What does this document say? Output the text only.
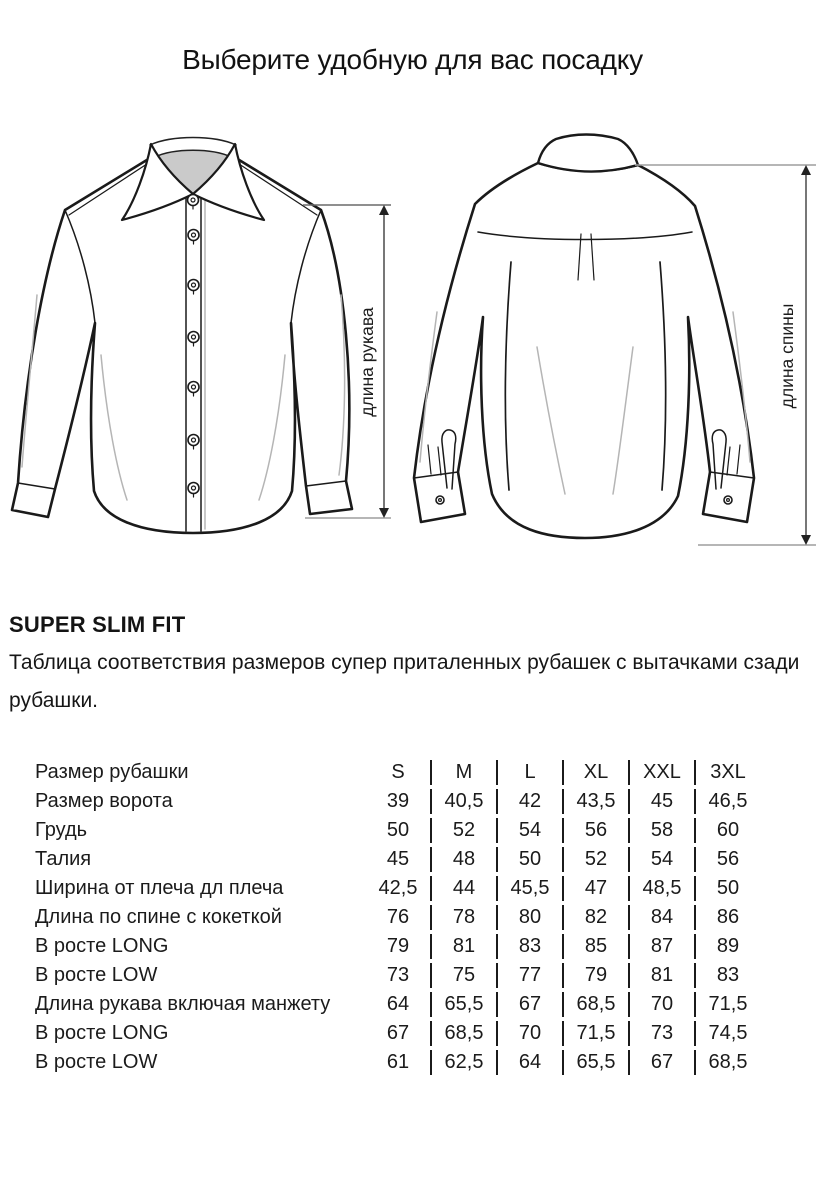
Выберите удобную для вас посадку
длина рукава	длина спины
SUPER SLIM FIT

Таблица соответствия размеров супер приталенных рубашек с вытачками сзади рубашки.

Размер рубашки	S	M	L	XL	XXL	3XL
Размер ворота	39	40,5	42	43,5	45	46,5
Грудь	50	52	54	56	58	60
Талия	45	48	50	52	54	56
Ширина от плеча дл плеча	42,5	44	45,5	47	48,5	50
Длина по спине с кокеткой	76	78	80	82	84	86
В росте LONG	79	81	83	85	87	89
В росте LOW	73	75	77	79	81	83
Длина рукава включая манжету	64	65,5	67	68,5	70	71,5
В росте LONG	67	68,5	70	71,5	73	74,5
В росте LOW	61	62,5	64	65,5	67	68,5
